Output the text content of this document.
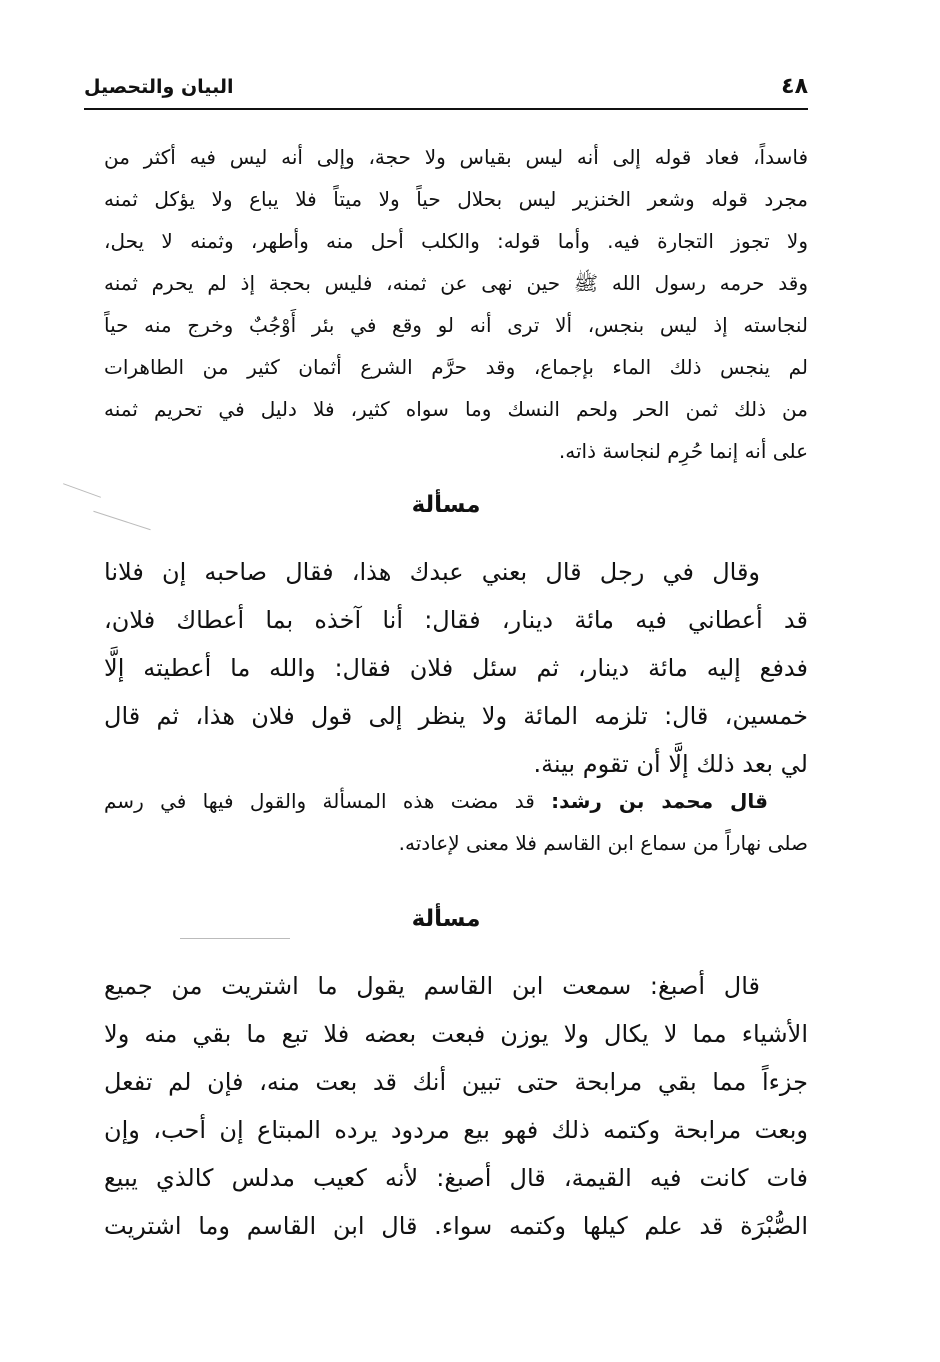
٤٨
البيان والتحصيل
فاسداً، فعاد قوله إلى أنه ليس بقياس ولا حجة، وإلى أنه ليس فيه أكثر من
مجرد قوله وشعر الخنزير ليس بحلال حياً ولا ميتاً فلا يباع ولا يؤكل ثمنه
ولا تجوز التجارة فيه. وأما قوله: والكلب أحل منه وأطهر، وثمنه لا يحل،
وقد حرمه رسول الله ﷺ حين نهى عن ثمنه، فليس بحجة إذ لم يحرم ثمنه
لنجاسته إذ ليس بنجس، ألا ترى أنه لو وقع في بئر أَوْجُبٌ وخرج منه حياً
لم ينجس ذلك الماء بإجماع، وقد حرَّم الشرع أثمان كثير من الطاهرات
من ذلك ثمن الحر ولحم النسك وما سواه كثير، فلا دليل في تحريم ثمنه
على أنه إنما حُرِم لنجاسة ذاته.
مسألة
وقال في رجل قال بعني عبدك هذا، فقال صاحبه إن فلانا
قد أعطاني فيه مائة دينار، فقال: أنا آخذه بما أعطاك فلان،
فدفع إليه مائة دينار، ثم سئل فلان فقال: والله ما أعطيته إلَّا
خمسين، قال: تلزمه المائة ولا ينظر إلى قول فلان هذا، ثم قال
لي بعد ذلك إلَّا أن تقوم بينة.
قال محمد بن رشد: قد مضت هذه المسألة والقول فيها في رسم
صلى نهاراً من سماع ابن القاسم فلا معنى لإعادته.
مسألة
قال أصبغ: سمعت ابن القاسم يقول ما اشتريت من جميع
الأشياء مما لا يكال ولا يوزن فبعت بعضه فلا تبع ما بقي منه ولا
جزءاً مما بقي مرابحة حتى تبين أنك قد بعت منه، فإن لم تفعل
وبعت مرابحة وكتمه ذلك فهو بيع مردود يرده المبتاع إن أحب، وإن
فات كانت فيه القيمة، قال أصبغ: لأنه كعيب مدلس كالذي يبيع
الصُّبْرَة قد علم كيلها وكتمه سواء. قال ابن القاسم وما اشتريت
